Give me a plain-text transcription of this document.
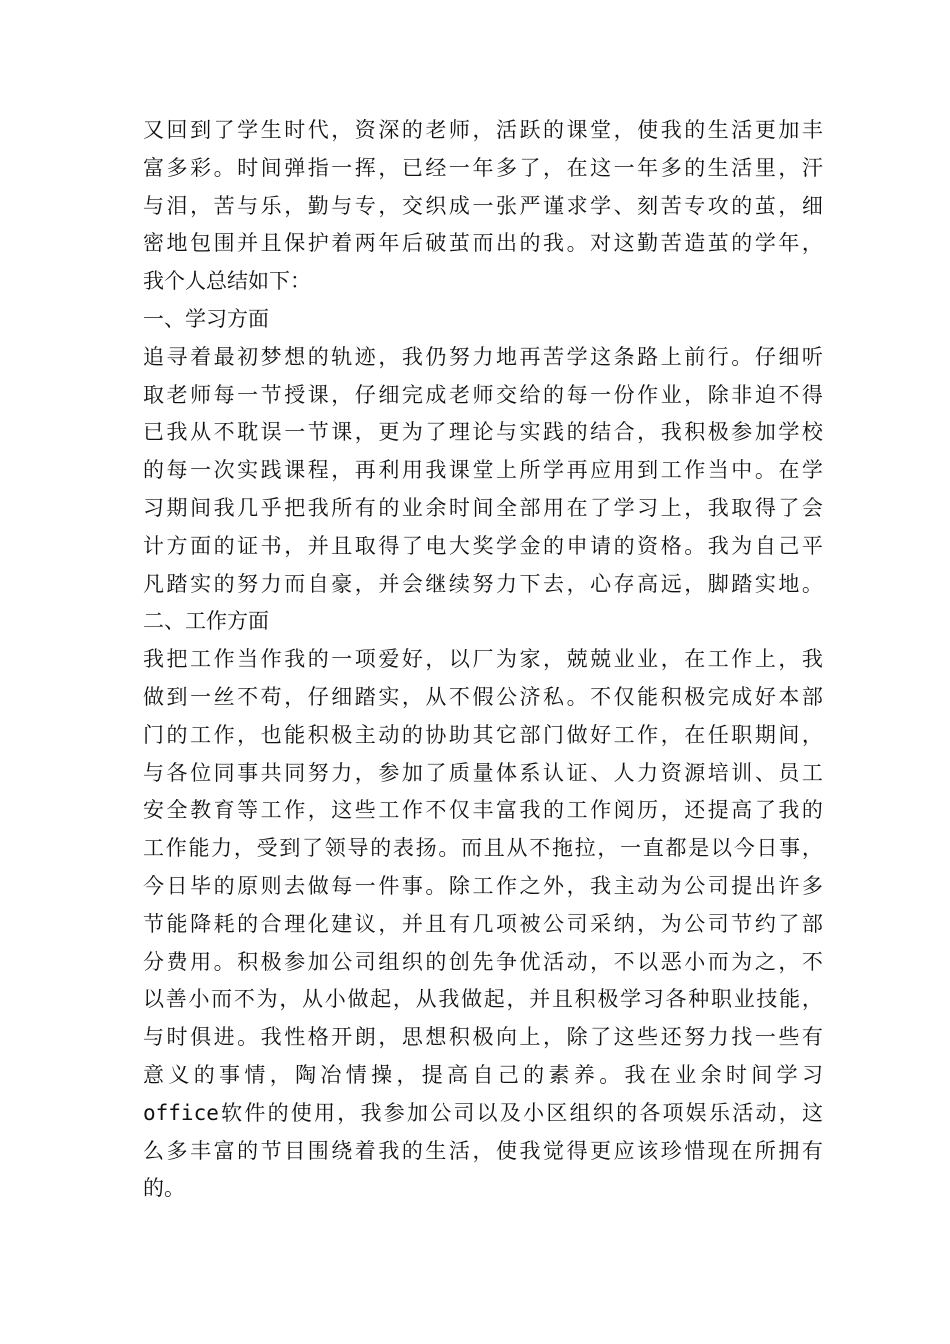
又 回 到 了 学 生 时 代 ， 资 深 的 老 师 ， 活 跃 的 课 堂 ， 使 我 的 生 活 更 加 丰
富 多 彩 。 时 间 弹 指 一 挥 ， 已 经 一 年 多 了 ， 在 这 一 年 多 的 生 活 里 ， 汗
与 泪 ， 苦 与 乐 ， 勤 与 专 ， 交 织 成 一 张 严 谨 求 学 、 刻 苦 专 攻 的 茧 ， 细
密 地 包 围 并 且 保 护 着 两 年 后 破 茧 而 出 的 我 。 对 这 勤 苦 造 茧 的 学 年 ，
我个人总结如下：
一、学习方面
追 寻 着 最 初 梦 想 的 轨 迹 ， 我 仍 努 力 地 再 苦 学 这 条 路 上 前 行 。 仔 细 听
取 老 师 每 一 节 授 课 ， 仔 细 完 成 老 师 交 给 的 每 一 份 作 业 ， 除 非 迫 不 得
已 我 从 不 耽 误 一 节 课 ， 更 为 了 理 论 与 实 践 的 结 合 ， 我 积 极 参 加 学 校
的 每 一 次 实 践 课 程 ， 再 利 用 我 课 堂 上 所 学 再 应 用 到 工 作 当 中 。 在 学
习 期 间 我 几 乎 把 我 所 有 的 业 余 时 间 全 部 用 在 了 学 习 上 ， 我 取 得 了 会
计 方 面 的 证 书 ， 并 且 取 得 了 电 大 奖 学 金 的 申 请 的 资 格 。 我 为 自 己 平
凡 踏 实 的 努 力 而 自 豪 ， 并 会 继 续 努 力 下 去 ， 心 存 高 远 ， 脚 踏 实 地 。
二、工作方面
我 把 工 作 当 作 我 的 一 项 爱 好 ， 以 厂 为 家 ， 兢 兢 业 业 ， 在 工 作 上 ， 我
做 到 一 丝 不 苟 ， 仔 细 踏 实 ， 从 不 假 公 济 私 。 不 仅 能 积 极 完 成 好 本 部
门 的 工 作 ， 也 能 积 极 主 动 的 协 助 其 它 部 门 做 好 工 作 ， 在 任 职 期 间 ，
与 各 位 同 事 共 同 努 力 ， 参 加 了 质 量 体 系 认 证 、 人 力 资 源 培 训 、 员 工
安 全 教 育 等 工 作 ， 这 些 工 作 不 仅 丰 富 我 的 工 作 阅 历 ， 还 提 高 了 我 的
工 作 能 力 ， 受 到 了 领 导 的 表 扬 。 而 且 从 不 拖 拉 ， 一 直 都 是 以 今 日 事 ，
今 日 毕 的 原 则 去 做 每 一 件 事 。 除 工 作 之 外 ， 我 主 动 为 公 司 提 出 许 多
节 能 降 耗 的 合 理 化 建 议 ， 并 且 有 几 项 被 公 司 采 纳 ， 为 公 司 节 约 了 部
分 费 用 。 积 极 参 加 公 司 组 织 的 创 先 争 优 活 动 ， 不 以 恶 小 而 为 之 ， 不
以 善 小 而 不 为 ， 从 小 做 起 ， 从 我 做 起 ， 并 且 积 极 学 习 各 种 职 业 技 能 ，
与 时 俱 进 。 我 性 格 开 朗 ， 思 想 积 极 向 上 ， 除 了 这 些 还 努 力 找 一 些 有
意 义 的 事 情 ， 陶 冶 情 操 ， 提 高 自 己 的 素 养 。 我 在 业 余 时 间 学 习
office 软 件 的 使 用 ， 我 参 加 公 司 以 及 小 区 组 织 的 各 项 娱 乐 活 动 ， 这
么 多 丰 富 的 节 目 围 绕 着 我 的 生 活 ， 使 我 觉 得 更 应 该 珍 惜 现 在 所 拥 有
的。
